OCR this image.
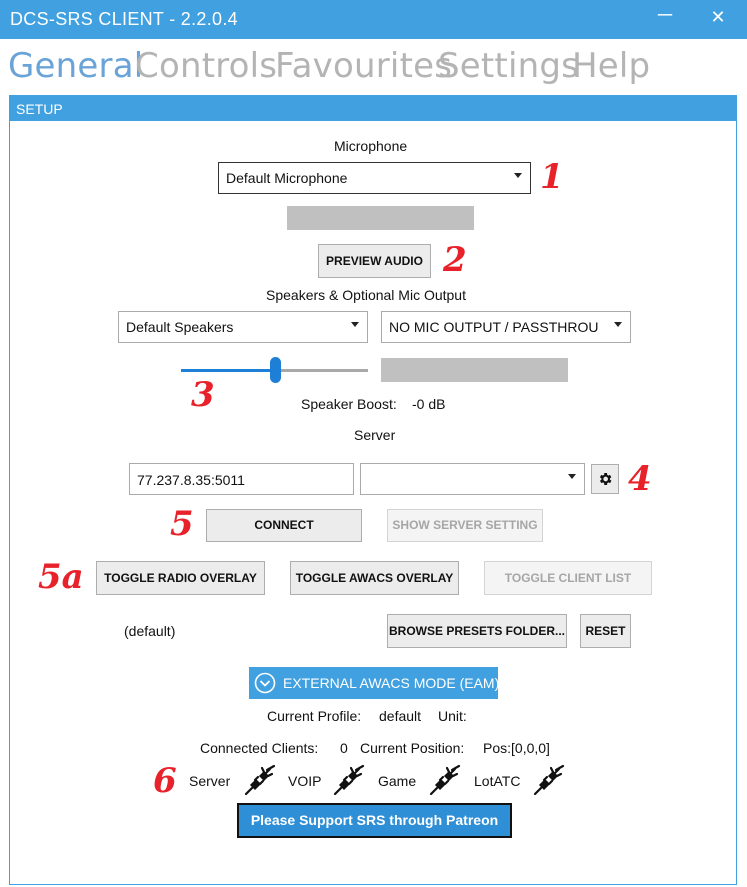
DCS-SRS CLIENT - 2.2.0.4	─ ✕
General
Controls
Favourites
Settings
Help
SETUP
Microphone
Default Microphone	1
PREVIEW AUDIO 2
Speakers & Optional Mic Output
Default Speakers	NO MIC OUTPUT / PASSTHROU
3	Speaker Boost: -0 dB
Server
77.237.8.35:5011	4
5	CONNECT	SHOW SERVER SETTING
5a	TOGGLE RADIO OVERLAY	TOGGLE AWACS OVERLAY	TOGGLE CLIENT LIST
(default)	BROWSE PRESETS FOLDER...	RESET
EXTERNAL AWACS MODE (EAM)
Current Profile: default Unit:
Connected Clients: 0 Current Position: Pos:[0,0,0]
6 Server	VOIP	Game	LotATC
Please Support SRS through Patreon
